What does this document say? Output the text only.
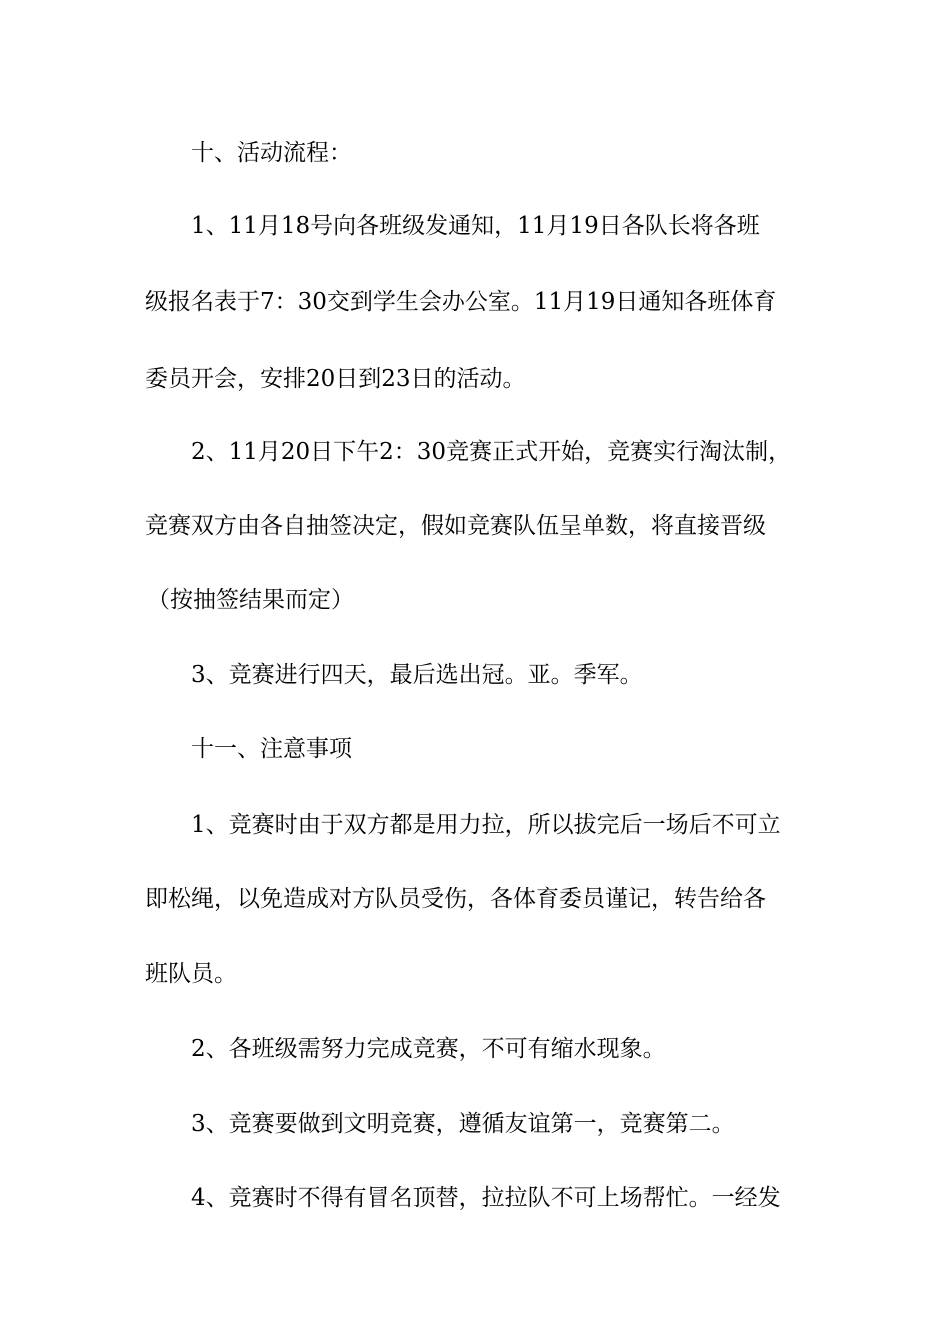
十、活动流程：
1、11月18号向各班级发通知，11月19日各队长将各班
级报名表于7：30交到学生会办公室。11月19日通知各班体育
委员开会，安排20日到23日的活动。
2、11月20日下午2：30竞赛正式开始，竞赛实行淘汰制，
竞赛双方由各自抽签决定，假如竞赛队伍呈单数，将直接晋级
（按抽签结果而定）
3、竞赛进行四天，最后选出冠。亚。季军。
十一、注意事项
1、竞赛时由于双方都是用力拉，所以拔完后一场后不可立
即松绳，以免造成对方队员受伤，各体育委员谨记，转告给各
班队员。
2、各班级需努力完成竞赛，不可有缩水现象。
3、竞赛要做到文明竞赛，遵循友谊第一，竞赛第二。
4、竞赛时不得有冒名顶替，拉拉队不可上场帮忙。一经发
